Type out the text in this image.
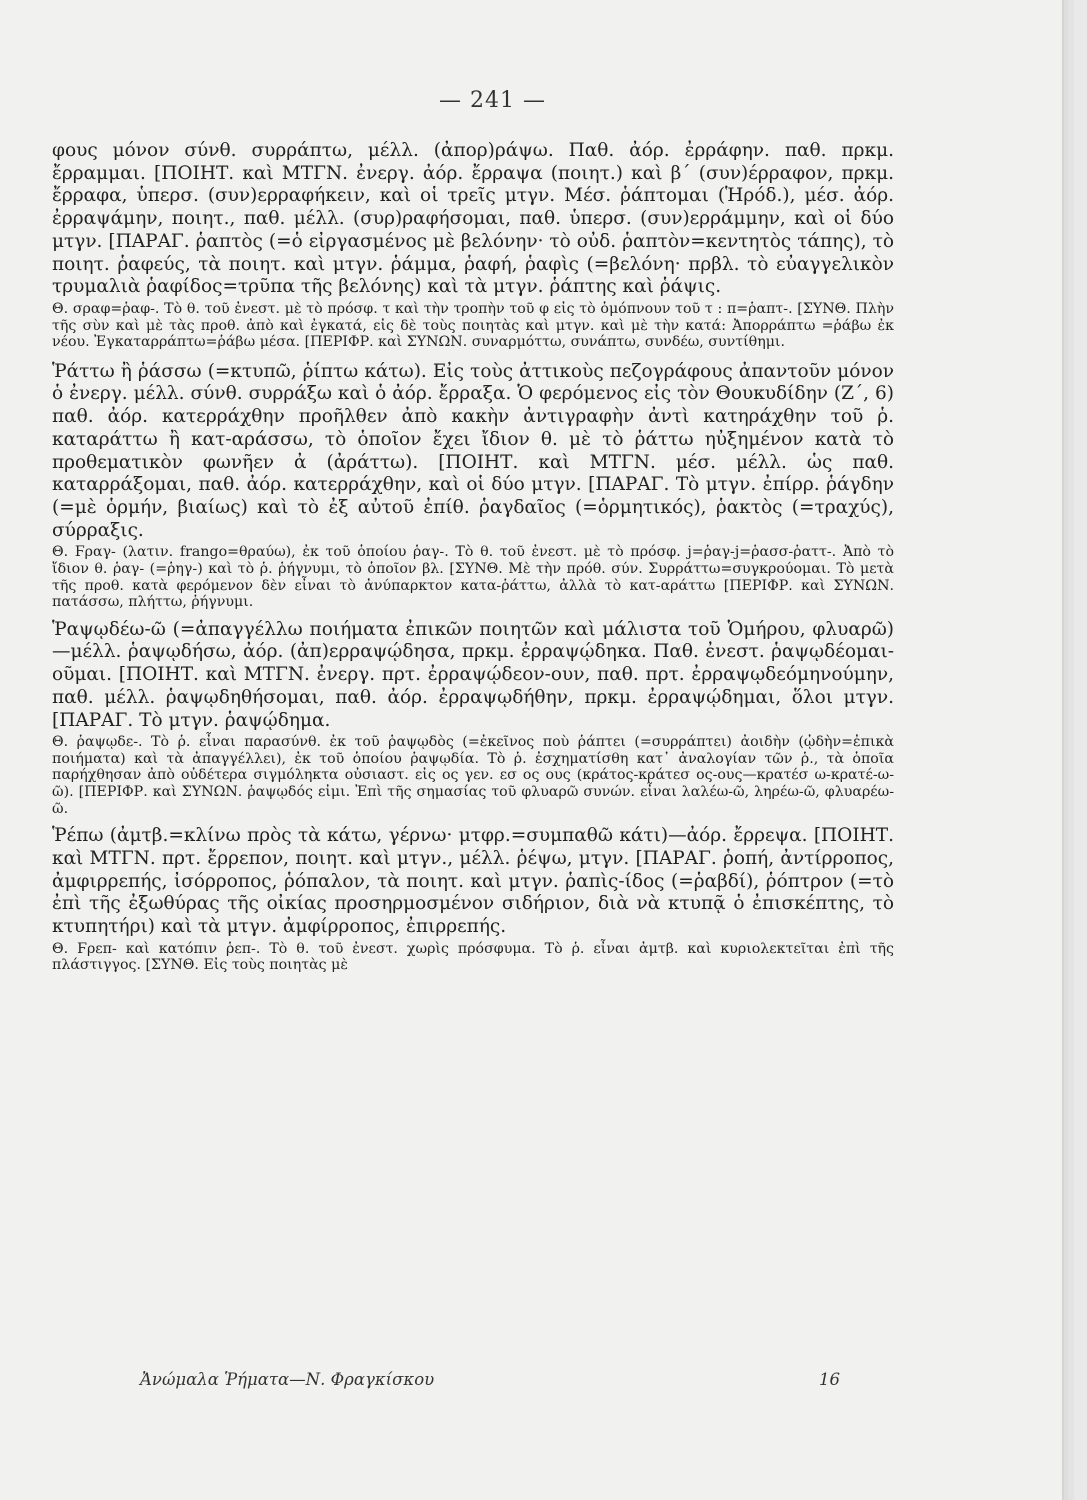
— 241 —

φους μόνον σύνθ. συρράπτω, μέλλ. (ἀπορ)ράψω. Παθ. ἀόρ. ἐρράφην. παθ. πρκμ. ἔρραμμαι. [ΠΟΙΗΤ. καὶ ΜΤΓΝ. ἐνεργ. ἀόρ. ἔρραψα (ποιητ.) καὶ β΄ (συν)έρραφον, πρκμ. ἔρραφα, ὑπερσ. (συν)ερραφήκειν, καὶ οἱ τρεῖς μτγν. Μέσ. ῥάπτομαι (Ἡρόδ.), μέσ. ἀόρ. ἐρραψάμην, ποιητ., παθ. μέλλ. (συρ)ραφήσομαι, παθ. ὑπερσ. (συν)ερράμμην, καὶ οἱ δύο μτγν. [ΠΑΡΑΓ. ῥαπτὸς (=ὁ εἰργασμένος μὲ βελόνην· τὸ οὐδ. ῥαπτὸν=κεντητὸς τάπης), τὸ ποιητ. ῥαφεύς, τὰ ποιητ. καὶ μτγν. ῥάμμα, ῥαφή, ῥαφὶς (=βελόνη· πρβλ. τὸ εὐαγγελικὸν τρυμαλιὰ ῥαφίδος=τρῦπα τῆς βελόνης) καὶ τὰ μτγν. ῥάπτης καὶ ῥάψις.

Θ. σραφ=ῥαφ-. Τὸ θ. τοῦ ἐνεστ. μὲ τὸ πρόσφ. τ καὶ τὴν τροπὴν τοῦ φ εἰς τὸ ὁμόπνουν τοῦ τ : π=ῥαπτ-. [ΣΥΝΘ. Πλὴν τῆς σὺν καὶ μὲ τὰς προθ. ἀπὸ καὶ ἐγκατά, εἰς δὲ τοὺς ποιητὰς καὶ μτγν. καὶ μὲ τὴν κατά: Ἀπορράπτω =ῥάβω ἐκ νέου. Ἐγκαταρράπτω=ῥάβω μέσα. [ΠΕΡΙΦΡ. καὶ ΣΥΝΩΝ. συναρμόττω, συνάπτω, συνδέω, συντίθημι.

Ῥάττω ἢ ῥάσσω (=κτυπῶ, ῥίπτω κάτω). Εἰς τοὺς ἀττικοὺς πεζογράφους ἀπαντοῦν μόνον ὁ ἐνεργ. μέλλ. σύνθ. συρράξω καὶ ὁ ἀόρ. ἔρραξα. Ὁ φερόμενος εἰς τὸν Θουκυδίδην (Ζ΄, 6) παθ. ἀόρ. κατερράχθην προῆλθεν ἀπὸ κακὴν ἀντιγραφὴν ἀντὶ κατηράχθην τοῦ ῥ. καταράττω ἢ κατ-αράσσω, τὸ ὁποῖον ἔχει ἴδιον θ. μὲ τὸ ῥάττω ηὐξημένον κατὰ τὸ προθεματικὸν φωνῆεν ἀ (ἀράττω). [ΠΟΙΗΤ. καὶ ΜΤΓΝ. μέσ. μέλλ. ὡς παθ. καταρράξομαι, παθ. ἀόρ. κατερράχθην, καὶ οἱ δύο μτγν. [ΠΑΡΑΓ. Τὸ μτγν. ἐπίρρ. ῥάγδην (=μὲ ὁρμήν, βιαίως) καὶ τὸ ἐξ αὐτοῦ ἐπίθ. ῥαγδαῖος (=ὁρμητικός), ῥακτὸς (=τραχύς), σύρραξις.

Θ. Ϝραγ- (λατιν. frango=θραύω), ἐκ τοῦ ὁποίου ῥαγ-. Τὸ θ. τοῦ ἐνεστ. μὲ τὸ πρόσφ. j=ῥαγ-j=ῥασσ-ῥαττ-. Ἀπὸ τὸ ἴδιον θ. ῥαγ- (=ῥηγ-) καὶ τὸ ῥ. ῥήγνυμι, τὸ ὁποῖον βλ. [ΣΥΝΘ. Μὲ τὴν πρόθ. σύν. Συρράττω=συγκρούομαι. Τὸ μετὰ τῆς προθ. κατὰ φερόμενον δὲν εἶναι τὸ ἀνύπαρκτον κατα-ῥάττω, ἀλλὰ τὸ κατ-αράττω [ΠΕΡΙΦΡ. καὶ ΣΥΝΩΝ. πατάσσω, πλήττω, ῥήγνυμι.

Ῥαψῳδέω-ῶ (=ἀπαγγέλλω ποιήματα ἐπικῶν ποιητῶν καὶ μάλιστα τοῦ Ὁμήρου, φλυαρῶ)—μέλλ. ῥαψῳδήσω, ἀόρ. (ἀπ)ερραψῴδησα, πρκμ. ἐρραψῴδηκα. Παθ. ἐνεστ. ῥαψῳδέομαι-οῦμαι. [ΠΟΙΗΤ. καὶ ΜΤΓΝ. ἐνεργ. πρτ. ἐρραψῴδεον-ουν, παθ. πρτ. ἐρραψῳδεόμηνούμην, παθ. μέλλ. ῥαψῳδηθήσομαι, παθ. ἀόρ. ἐρραψῳδήθην, πρκμ. ἐρραψῴδημαι, ὅλοι μτγν. [ΠΑΡΑΓ. Τὸ μτγν. ῥαψῴδημα.

Θ. ῥαψῳδε-. Τὸ ῥ. εἶναι παρασύνθ. ἐκ τοῦ ῥαψῳδὸς (=ἐκεῖνος ποὺ ῥάπτει (=συρράπτει) ἀοιδὴν (ᾠδὴν=ἐπικὰ ποιήματα) καὶ τὰ ἀπαγγέλλει), ἐκ τοῦ ὁποίου ῥαψῳδία. Τὸ ῥ. ἐσχηματίσθη κατ᾿ ἀναλογίαν τῶν ῥ., τὰ ὁποῖα παρήχθησαν ἀπὸ οὐδέτερα σιγμόληκτα οὐσιαστ. εἰς ος γεν. εσ ος ους (κράτος-κράτεσ ος-ους—κρατέσ ω-κρατέ-ω-ῶ). [ΠΕΡΙΦΡ. καὶ ΣΥΝΩΝ. ῥαψῳδός εἰμι. Ἐπὶ τῆς σημασίας τοῦ φλυαρῶ συνών. εἶναι λαλέω-ῶ, ληρέω-ῶ, φλυαρέω-ῶ.

Ῥέπω (ἀμτβ.=κλίνω πρὸς τὰ κάτω, γέρνω· μτφρ.=συμπαθῶ κάτι)—ἀόρ. ἔρρεψα. [ΠΟΙΗΤ. καὶ ΜΤΓΝ. πρτ. ἔρρεπον, ποιητ. καὶ μτγν., μέλλ. ῥέψω, μτγν. [ΠΑΡΑΓ. ῥοπή, ἀντίρροπος, ἀμφιρρεπής, ἰσόρροπος, ῥόπαλον, τὰ ποιητ. καὶ μτγν. ῥαπὶς-ίδος (=ῥαβδί), ῥόπτρον (=τὸ ἐπὶ τῆς ἐξωθύρας τῆς οἰκίας προσηρμοσμένον σιδήριον, διὰ νὰ κτυπᾷ ὁ ἐπισκέπτης, τὸ κτυπητήρι) καὶ τὰ μτγν. ἀμφίρροπος, ἐπιρρεπής.

Θ. Ϝρεπ- καὶ κατόπιν ῥεπ-. Τὸ θ. τοῦ ἐνεστ. χωρὶς πρόσφυμα. Τὸ ῥ. εἶναι ἀμτβ. καὶ κυριολεκτεῖται ἐπὶ τῆς πλάστιγγος. [ΣΥΝΘ. Εἰς τοὺς ποιητὰς μὲ

Ἀνώμαλα Ῥήματα—Ν. Φραγκίσκου	16
